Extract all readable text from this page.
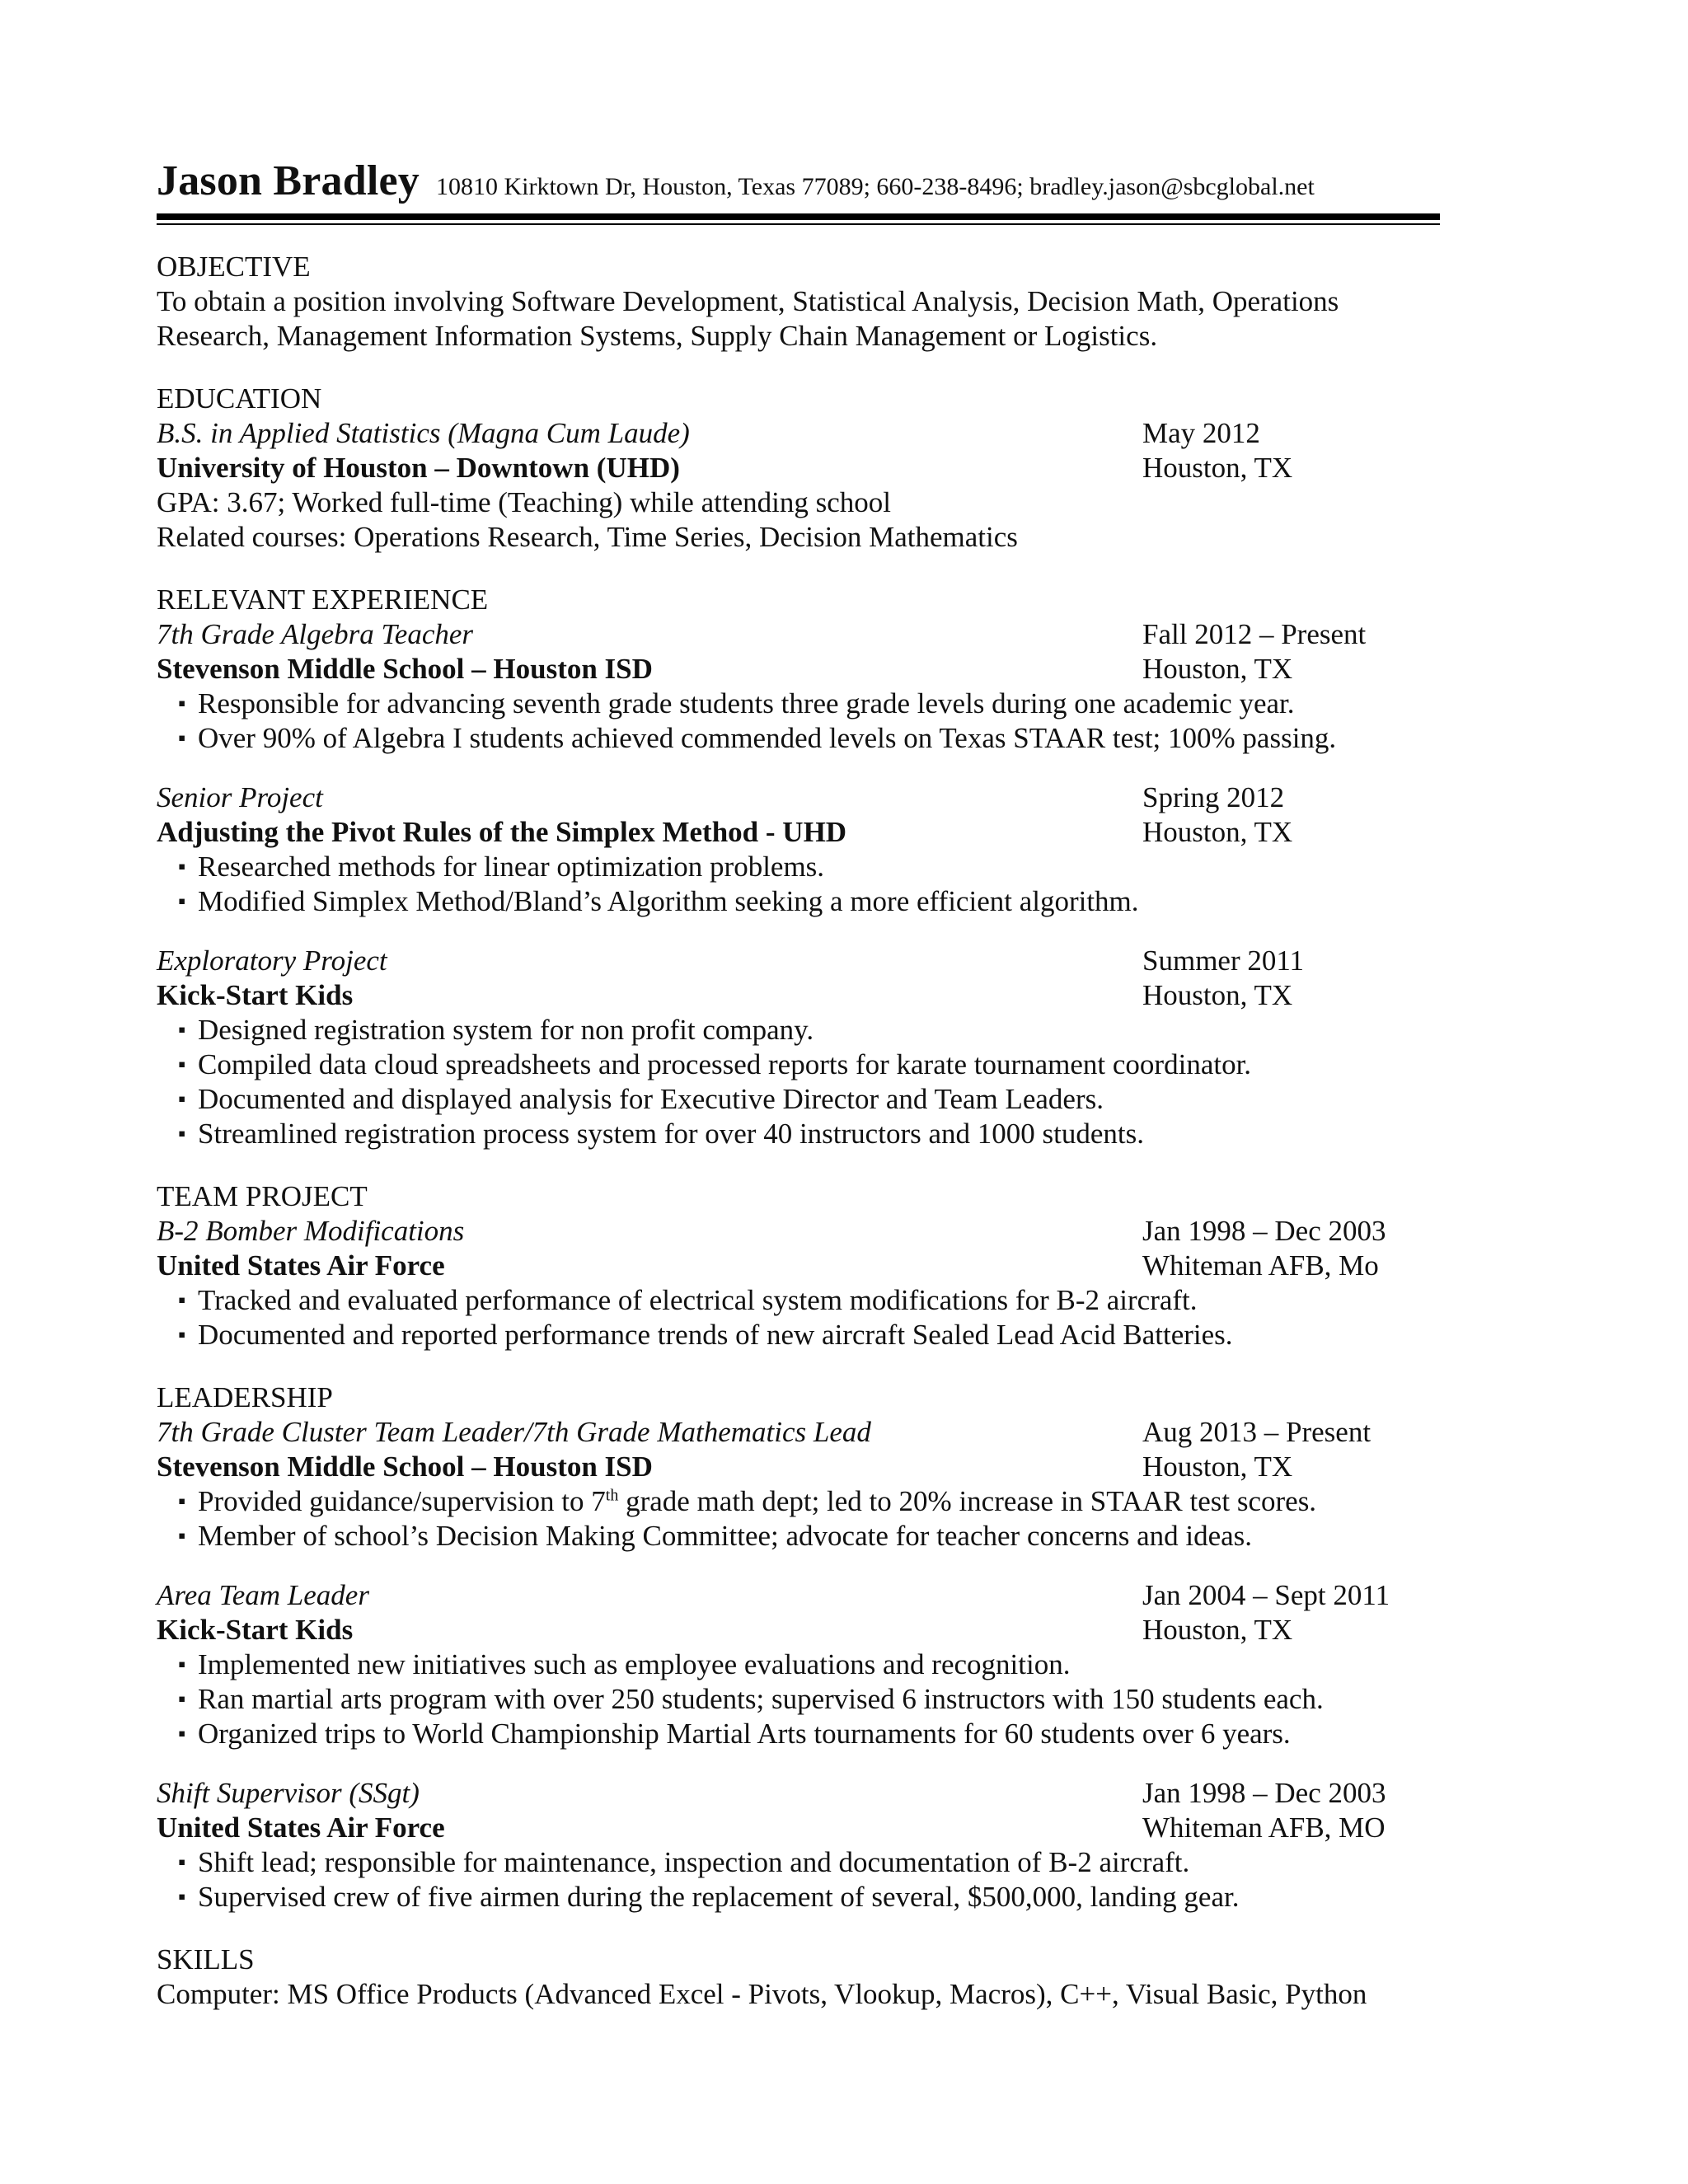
Jason Bradley 10810 Kirktown Dr, Houston, Texas 77089; 660-238-8496; bradley.jason@sbcglobal.net
OBJECTIVE
To obtain a position involving Software Development, Statistical Analysis, Decision Math, Operations
Research, Management Information Systems, Supply Chain Management or Logistics.
EDUCATION
B.S. in Applied Statistics (Magna Cum Laude)	May 2012
University of Houston – Downtown (UHD)	Houston, TX
GPA: 3.67; Worked full-time (Teaching) while attending school
Related courses: Operations Research, Time Series, Decision Mathematics
RELEVANT EXPERIENCE
7th Grade Algebra Teacher	Fall 2012 – Present
Stevenson Middle School – Houston ISD	Houston, TX
▪ Responsible for advancing seventh grade students three grade levels during one academic year.
▪ Over 90% of Algebra I students achieved commended levels on Texas STAAR test; 100% passing.
Senior Project	Spring 2012
Adjusting the Pivot Rules of the Simplex Method - UHD	Houston, TX
▪ Researched methods for linear optimization problems.
▪ Modified Simplex Method/Bland’s Algorithm seeking a more efficient algorithm.
Exploratory Project	Summer 2011
Kick-Start Kids	Houston, TX
▪ Designed registration system for non profit company.
▪ Compiled data cloud spreadsheets and processed reports for karate tournament coordinator.
▪ Documented and displayed analysis for Executive Director and Team Leaders.
▪ Streamlined registration process system for over 40 instructors and 1000 students.
TEAM PROJECT
B-2 Bomber Modifications	Jan 1998 – Dec 2003
United States Air Force	Whiteman AFB, Mo
▪ Tracked and evaluated performance of electrical system modifications for B-2 aircraft.
▪ Documented and reported performance trends of new aircraft Sealed Lead Acid Batteries.
LEADERSHIP
7th Grade Cluster Team Leader/7th Grade Mathematics Lead	Aug 2013 – Present
Stevenson Middle School – Houston ISD	Houston, TX
▪ Provided guidance/supervision to 7th grade math dept; led to 20% increase in STAAR test scores.
▪ Member of school’s Decision Making Committee; advocate for teacher concerns and ideas.
Area Team Leader	Jan 2004 – Sept 2011
Kick-Start Kids	Houston, TX
▪ Implemented new initiatives such as employee evaluations and recognition.
▪ Ran martial arts program with over 250 students; supervised 6 instructors with 150 students each.
▪ Organized trips to World Championship Martial Arts tournaments for 60 students over 6 years.
Shift Supervisor (SSgt)	Jan 1998 – Dec 2003
United States Air Force	Whiteman AFB, MO
▪ Shift lead; responsible for maintenance, inspection and documentation of B-2 aircraft.
▪ Supervised crew of five airmen during the replacement of several, $500,000, landing gear.
SKILLS
Computer: MS Office Products (Advanced Excel - Pivots, Vlookup, Macros), C++, Visual Basic, Python
